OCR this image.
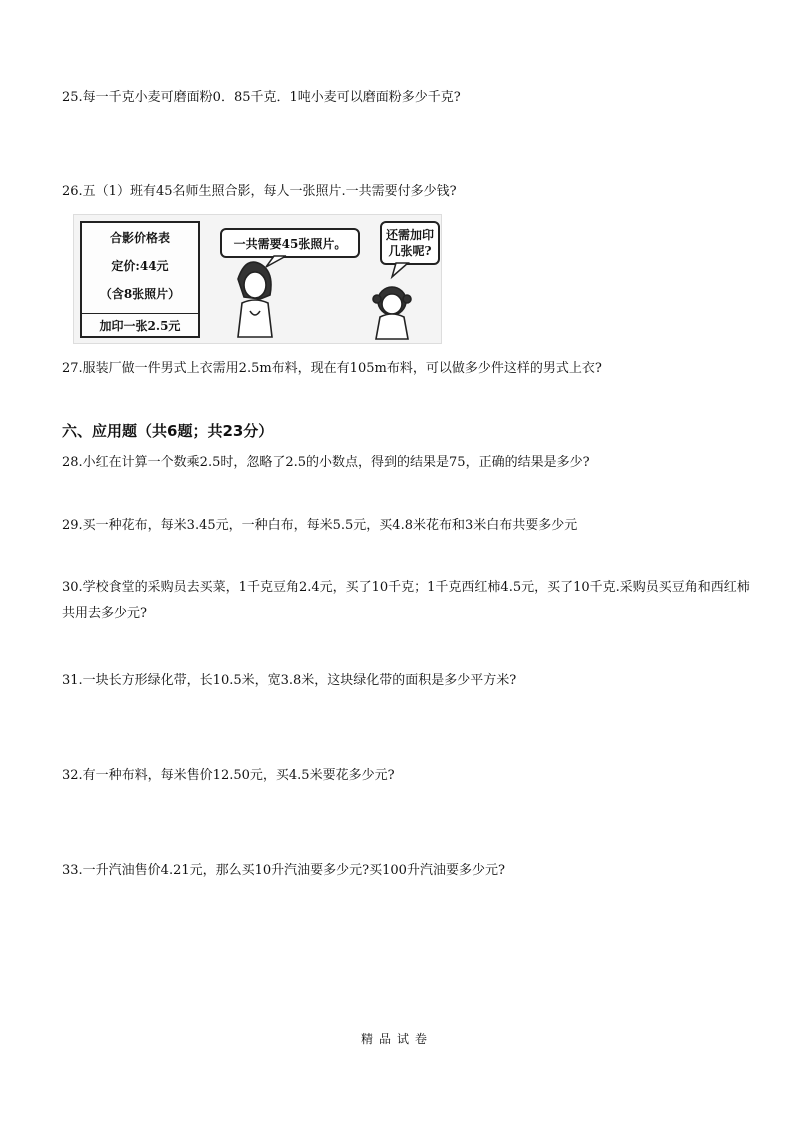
25.每一千克小麦可磨面粉0．85千克．1吨小麦可以磨面粉多少千克?
26.五（1）班有45名师生照合影，每人一张照片.一共需要付多少钱?
合影价格表
定价:44元
（含8张照片）
加印一张2.5元
一共需要45张照片。
还需加印几张呢?
27.服装厂做一件男式上衣需用2.5m布料，现在有105m布料，可以做多少件这样的男式上衣?
六、应用题（共6题；共23分）
28.小红在计算一个数乘2.5时，忽略了2.5的小数点，得到的结果是75，正确的结果是多少?
29.买一种花布，每米3.45元，一种白布，每米5.5元，买4.8米花布和3米白布共要多少元
30.学校食堂的采购员去买菜，1千克豆角2.4元，买了10千克；1千克西红柿4.5元，买了10千克.采购员买豆角和西红柿共用去多少元?
31.一块长方形绿化带，长10.5米，宽3.8米，这块绿化带的面积是多少平方米?
32.有一种布料，每米售价12.50元，买4.5米要花多少元?
33.一升汽油售价4.21元，那么买10升汽油要多少元?买100升汽油要多少元?
精品试卷
